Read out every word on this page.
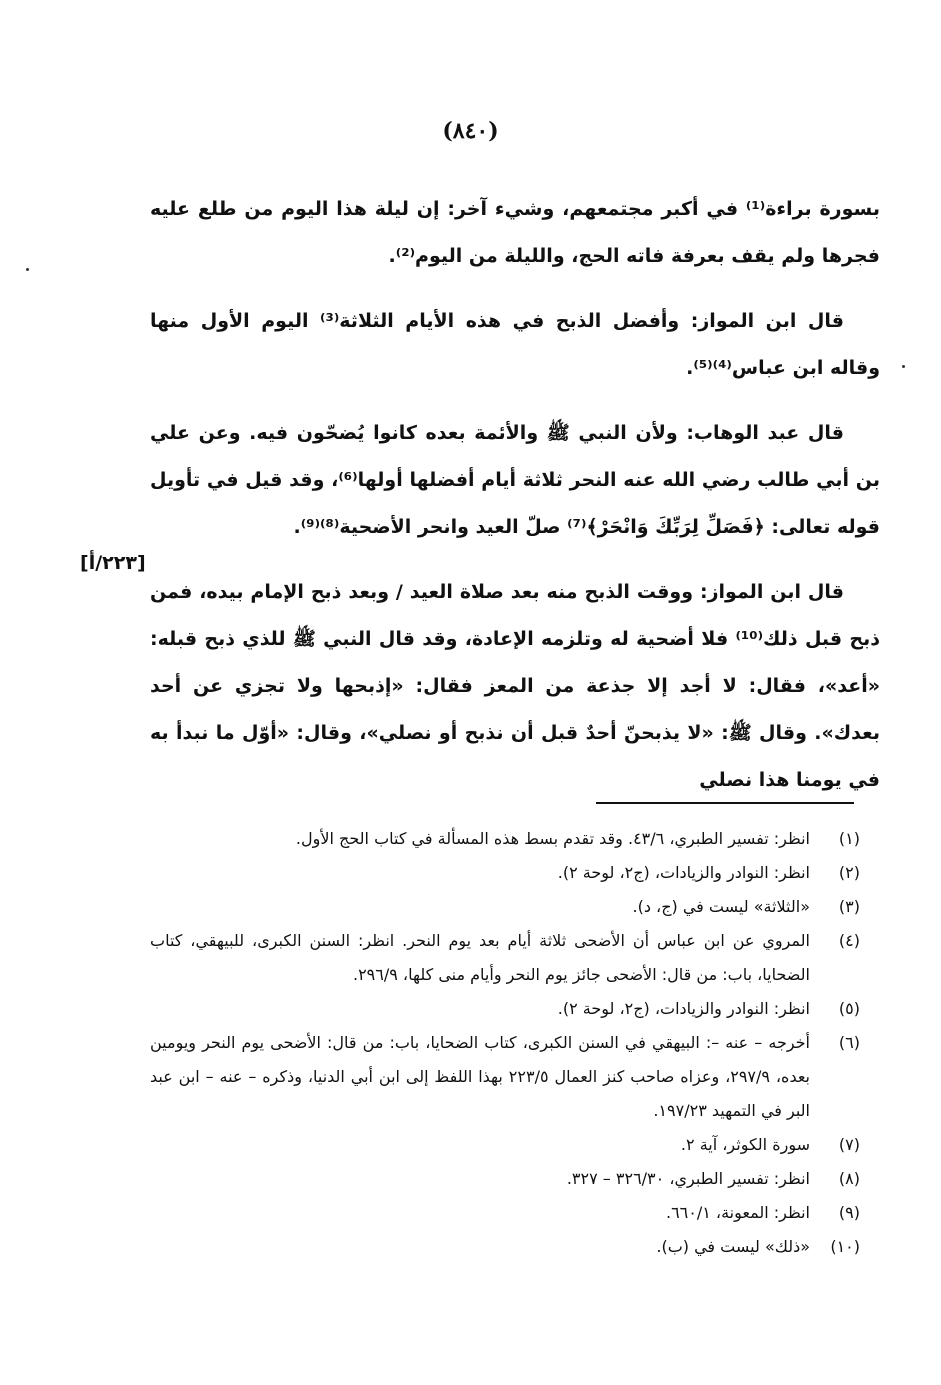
(٨٤٠)

بسورة براءة⁽¹⁾ في أكبر مجتمعهم، وشيء آخر: إن ليلة هذا اليوم من طلع عليه فجرها ولم يقف بعرفة فاته الحج، والليلة من اليوم⁽²⁾.

قال ابن المواز: وأفضل الذبح في هذه الأيام الثلاثة⁽³⁾ اليوم الأول منها وقاله ابن عباس⁽⁴⁾⁽⁵⁾.

قال عبد الوهاب: ولأن النبي ﷺ والأئمة بعده كانوا يُضحّون فيه. وعن علي بن أبي طالب رضي الله عنه النحر ثلاثة أيام أفضلها أولها⁽⁶⁾، وقد قيل في تأويل قوله تعالى: ﴿فَصَلِّ لِرَبِّكَ وَانْحَرْ﴾⁽⁷⁾ صلّ العيد وانحر الأضحية⁽⁸⁾⁽⁹⁾.

قال ابن المواز: ووقت الذبح منه بعد صلاة العيد / وبعد ذبح الإمام بيده، فمن ذبح قبل ذلك⁽¹⁰⁾ فلا أضحية له وتلزمه الإعادة، وقد قال النبي ﷺ للذي ذبح قبله: «أعد»، فقال: لا أجد إلا جذعة من المعز فقال: «إذبحها ولا تجزي عن أحد بعدك». وقال ﷺ: «لا يذبحنّ أحدٌ قبل أن نذبح أو نصلي»، وقال: «أوّل ما نبدأ به في يومنا هذا نصلي

[٢٢٣/أ]
(١)
انظر: تفسير الطبري، ٤٣/٦. وقد تقدم بسط هذه المسألة في كتاب الحج الأول.
(٢)
انظر: النوادر والزيادات، (ج٢، لوحة ٢).
(٣)
«الثلاثة» ليست في (ج، د).
(٤)
المروي عن ابن عباس أن الأضحى ثلاثة أيام بعد يوم النحر. انظر: السنن الكبرى، للبيهقي، كتاب الضحايا، باب: من قال: الأضحى جائز يوم النحر وأيام منى كلها، ٢٩٦/٩.
(٥)
انظر: النوادر والزيادات، (ج٢، لوحة ٢).
(٦)
أخرجه – عنه –: البيهقي في السنن الكبرى، كتاب الضحايا، باب: من قال: الأضحى يوم النحر ويومين بعده، ٢٩٧/٩، وعزاه صاحب كنز العمال ٢٢٣/٥ بهذا اللفظ إلى ابن أبي الدنيا، وذكره – عنه – ابن عبد البر في التمهيد ١٩٧/٢٣.
(٧)
سورة الكوثر، آية ٢.
(٨)
انظر: تفسير الطبري، ٣٢٦/٣٠ – ٣٢٧.
(٩)
انظر: المعونة، ٦٦٠/١.
(١٠)
«ذلك» ليست في (ب).
